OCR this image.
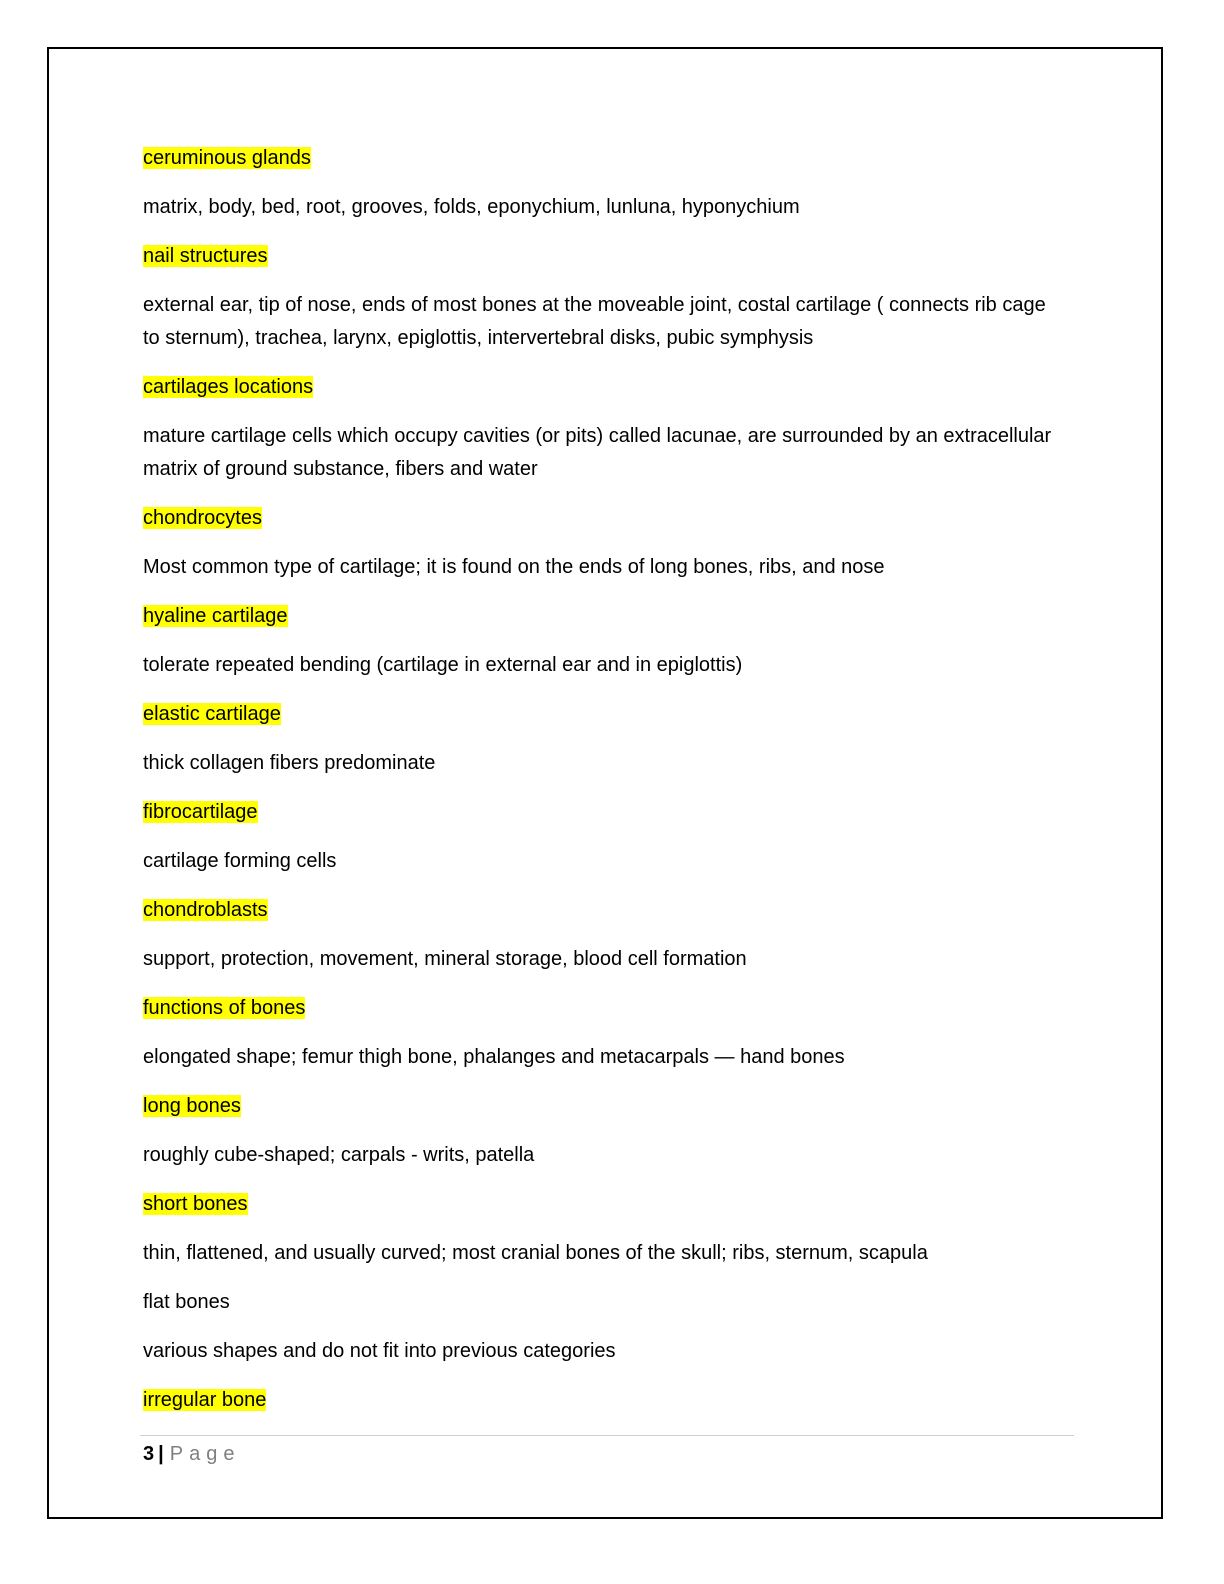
ceruminous glands

matrix, body, bed, root, grooves, folds, eponychium, lunluna, hyponychium

nail structures

external ear, tip of nose, ends of most bones at the moveable joint, costal cartilage ( connects rib cage to sternum), trachea, larynx, epiglottis, intervertebral disks, pubic symphysis

cartilages locations

mature cartilage cells which occupy cavities (or pits) called lacunae, are surrounded by an extracellular matrix of ground substance, fibers and water

chondrocytes

Most common type of cartilage; it is found on the ends of long bones, ribs, and nose

hyaline cartilage

tolerate repeated bending (cartilage in external ear and in epiglottis)

elastic cartilage

thick collagen fibers predominate

fibrocartilage

cartilage forming cells

chondroblasts

support, protection, movement, mineral storage, blood cell formation

functions of bones

elongated shape; femur thigh bone, phalanges and metacarpals — hand bones

long bones

roughly cube-shaped; carpals - writs, patella

short bones

thin, flattened, and usually curved; most cranial bones of the skull; ribs, sternum, scapula

flat bones

various shapes and do not fit into previous categories

irregular bone

3 | Page
